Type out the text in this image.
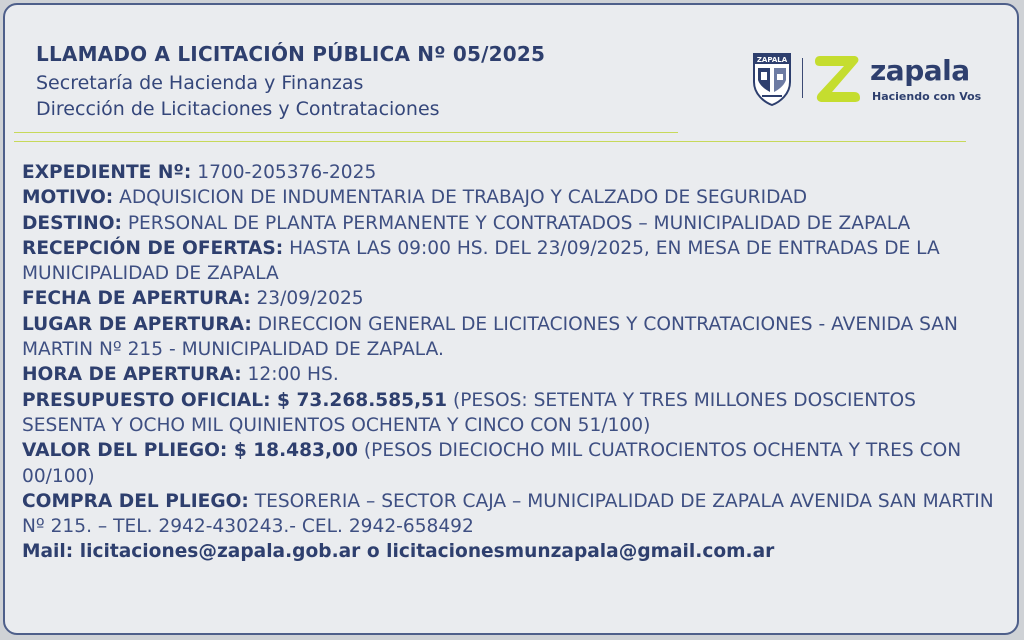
LLAMADO A LICITACIÓN PÚBLICA Nº 05/2025
Secretaría de Hacienda y Finanzas
Dirección de Licitaciones y Contrataciones
ZAPALA	zapala
Haciendo con Vos

EXPEDIENTE Nº: 1700-205376-2025

MOTIVO: ADQUISICION DE INDUMENTARIA DE TRABAJO Y CALZADO DE SEGURIDAD

DESTINO: PERSONAL DE PLANTA PERMANENTE Y CONTRATADOS – MUNICIPALIDAD DE ZAPALA

RECEPCIÓN DE OFERTAS: HASTA LAS 09:00 HS. DEL 23/09/2025, EN MESA DE ENTRADAS DE LA MUNICIPALIDAD DE ZAPALA

FECHA DE APERTURA: 23/09/2025

LUGAR DE APERTURA: DIRECCION GENERAL DE LICITACIONES Y CONTRATACIONES - AVENIDA SAN MARTIN Nº 215 - MUNICIPALIDAD DE ZAPALA.

HORA DE APERTURA: 12:00 HS.

PRESUPUESTO OFICIAL: $ 73.268.585,51 (PESOS: SETENTA Y TRES MILLONES DOSCIENTOS SESENTA Y OCHO MIL QUINIENTOS OCHENTA Y CINCO CON 51/100)

VALOR DEL PLIEGO: $ 18.483,00 (PESOS DIECIOCHO MIL CUATROCIENTOS OCHENTA Y TRES CON 00/100)

COMPRA DEL PLIEGO: TESORERIA – SECTOR CAJA – MUNICIPALIDAD DE ZAPALA AVENIDA SAN MARTIN Nº 215. – TEL. 2942-430243.- CEL. 2942-658492

Mail: licitaciones@zapala.gob.ar o licitacionesmunzapala@gmail.com.ar
